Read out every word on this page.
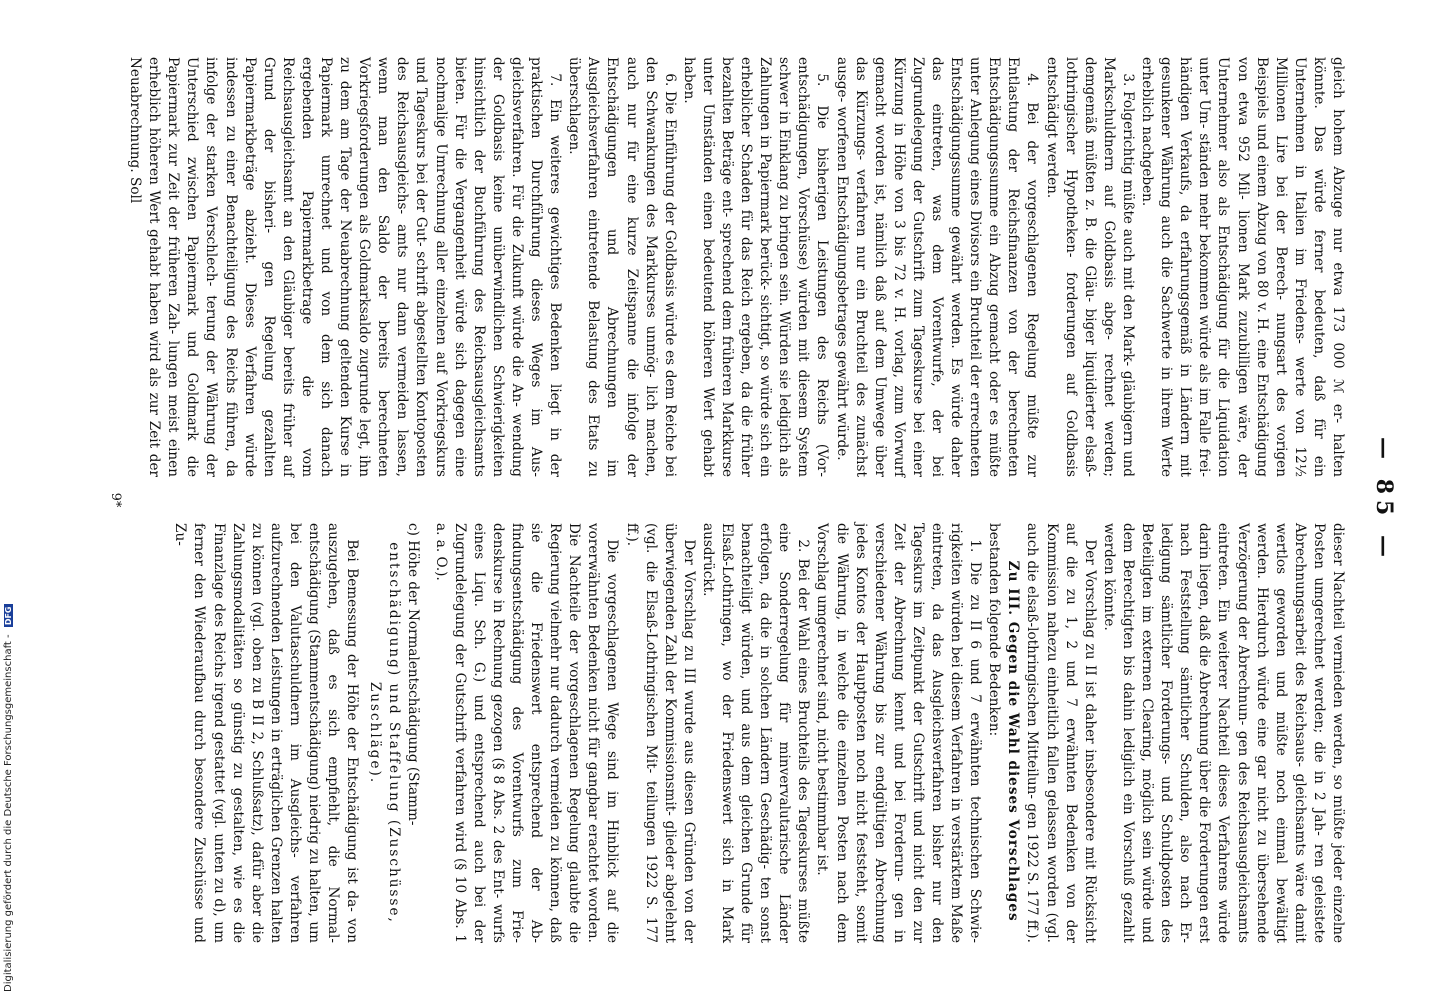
— 85 —

gleich hohem Abzuge nur etwa 173 000 ℳ er- halten könnte. Das würde ferner bedeuten, daß für ein Unternehmen in Italien im Friedens- werte von 12½ Millionen Lire bei der Berech- nungsart des vorigen Beispiels und einem Abzug von 80 v. H. eine Entschädigung von etwa 952 Mil- lionen Mark zuzubilligen wäre, der Unternehmer also als Entschädigung für die Liquidation unter Um- ständen mehr bekommen würde als im Falle frei- händigen Verkaufs, da erfahrungsgemäß in Ländern mit gesunkener Währung auch die Sachwerte in ihrem Werte erheblich nachgeben.

3. Folgerichtig müßte auch mit den Mark- gläubigern und Markschuldnern auf Goldbasis abge- rechnet werden; demgemäß müßten z. B. die Gläu- biger liquidierter elsaß-lothringischer Hypotheken- forderungen auf Goldbasis entschädigt werden.

4. Bei der vorgeschlagenen Regelung müßte zur Entlastung der Reichsfinanzen von der berechneten Entschädigungssumme ein Abzug gemacht oder es müßte unter Anlegung eines Divisors ein Bruchteil der errechneten Entschädigungssumme gewährt werden. Es würde daher das eintreten, was dem Vorentwurfe, der bei Zugrundelegung der Gutschrift zum Tageskurse bei einer Kürzung in Höhe von 3 bis 72 v. H. vorlag, zum Vorwurf gemacht worden ist, nämlich daß auf dem Umwege über das Kürzungs- verfahren nur ein Bruchteil des zunächst ausge- worfenen Entschädigungsbetrages gewährt würde.

5. Die bisherigen Leistungen des Reichs (Vor- entschädigungen, Vorschüsse) würden mit diesem System schwer in Einklang zu bringen sein. Würden sie lediglich als Zahlungen in Papiermark berück- sichtigt, so würde sich ein erheblicher Schaden für das Reich ergeben, da die früher bezahlten Beträge ent- sprechend dem früheren Markkurse unter Umständen einen bedeutend höheren Wert gehabt haben.

6. Die Einführung der Goldbasis würde es dem Reiche bei den Schwankungen des Markkurses unmög- lich machen, auch nur für eine kurze Zeitspanne die infolge der Entschädigungen und Abrechnungen im Ausgleichsverfahren eintretende Belastung des Etats zu überschlagen.

7. Ein weiteres gewichtiges Bedenken liegt in der praktischen Durchführung dieses Weges im Aus- gleichsverfahren. Für die Zukunft würde die An- wendung der Goldbasis keine unüberwindlichen Schwierigkeiten hinsichtlich der Buchführung des Reichsausgleichsamts bieten. Für die Vergangenheit würde sich dagegen eine nochmalige Umrechnung aller einzelnen auf Vorkriegskurs und Tageskurs bei der Gut- schrift abgestellten Kontoposten des Reichsausgleichs- amts nur dann vermeiden lassen, wenn man den Saldo der bereits berechneten Vorkriegsforderungen als Goldmarksaldo zugrunde legt, ihn zu dem am Tage der Neuabrechnung geltenden Kurse in Papiermark umrechnet und von dem sich danach ergebenden Papiermarkbetrage die vom Reichsausgleichsamt an den Gläubiger bereits früher auf Grund der bisheri- gen Regelung gezahlten Papiermarkbeträge abzieht. Dieses Verfahren würde indessen zu einer Benachteiligung des Reichs führen, da infolge der starken Verschlech- terung der Währung der Unterschied zwischen Papiermark und Goldmark die Papiermark zur Zeit der früheren Zah- lungen meist einen erheblich höheren Wert gehabt haben wird als zur Zeit der Neuabrechnung. Soll

dieser Nachteil vermieden werden, so müßte jeder einzelne Posten umgerechnet werden; die in 2 Jah- ren geleistete Abrechnungsarbeit des Reichsaus- gleichsamts wäre damit wertlos geworden und müßte noch einmal bewältigt werden. Hierdurch würde eine gar nicht zu übersehende Verzögerung der Abrechnun- gen des Reichsausgleichsamts eintreten. Ein weiterer Nachteil dieses Verfahrens würde darin liegen, daß die Abrechnung über die Forderungen erst nach Feststellung sämtlicher Schulden, also nach Er- ledigung sämtlicher Forderungs- und Schuldposten des Beteiligten im externen Clearing, möglich sein würde und dem Berechtigten bis dahin lediglich ein Vorschuß gezahlt werden könnte.

Der Vorschlag zu II ist daher insbesondere mit Rücksicht auf die zu 1, 2 und 7 erwähnten Bedenken von der Kommission nahezu einheitlich fallen gelassen worden (vgl. auch die elsaß-lothringischen Mitteilun- gen 1922 S. 177 ff.).

Zu III. Gegen die Wahl dieses Vorschlages

bestanden folgende Bedenken:

1. Die zu II 6 und 7 erwähnten technischen Schwie- rigkeiten würden bei diesem Verfahren in verstärktem Maße eintreten, da das Ausgleichsverfahren bisher nur den Tageskurs im Zeitpunkt der Gutschrift und nicht den zur Zeit der Abrechnung kennt und bei Forderun- gen in verschiedener Währung bis zur endgültigen Abrechnung jedes Kontos der Hauptposten noch nicht feststeht, somit die Währung, in welche die einzelnen Posten nach dem Vorschlag umgerechnet sind, nicht bestimmbar ist.

2. Bei der Wahl eines Bruchteils des Tageskurses müßte eine Sonderregelung für minvervalutarische Länder erfolgen, da die in solchen Ländern Geschädig- ten sonst benachteiligt würden, und aus dem gleichen Grunde für Elsaß-Lothringen, wo der Friedenswert sich in Mark ausdrückt.

Der Vorschlag zu III wurde aus diesen Gründen von der überwiegenden Zahl der Kommissionsmit- glieder abgelehnt (vgl. die Elsaß-Lothringischen Mit- teilungen 1922 S. 177 ff.).

Die vorgeschlagenen Wege sind im Hinblick auf die vorerwähnten Bedenken nicht für gangbar erachtet worden. Die Nachteile der vorgeschlagenen Regelung glaubte die Regierung vielmehr nur dadurch vermeiden zu können, daß sie die Friedenswert entsprechend der Ab- findungsentschädigung des Vorentwurfs zum Frie- denskurse in Rechnung gezogen (§ 8 Abs. 2 des Ent- wurfs eines Liqu. Sch. G.) und entsprechend auch bei der Zugrundelegung der Gutschrift verfahren wird (§ 10 Abs. 1 a. a. O.).

c) Höhe der Normalentschädigung (Stamm-
entschädigung) und Staffelung (Zuschüsse, Zuschläge).

Bei Bemessung der Höhe der Entschädigung ist da- von auszugehen, daß es sich empfiehlt, die Normal- entschädigung (Stammentschädigung) niedrig zu halten, um bei den Valutaschuldnern im Ausgleichs- verfahren aufzurechnenden Leistungen in erträglichen Grenzen halten zu können (vgl. oben zu B II 2, Schlußsatz), dafür aber die Zahlungsmodalitäten so günstig zu gestalten, wie es die Finanzlage des Reichs irgend gestattet (vgl. unten zu d), um ferner den Wiederaufbau durch besondere Zuschüsse und Zu-

9*
Digitalisierung gefördert durch die Deutsche Forschungsgemeinschaft - DFG
